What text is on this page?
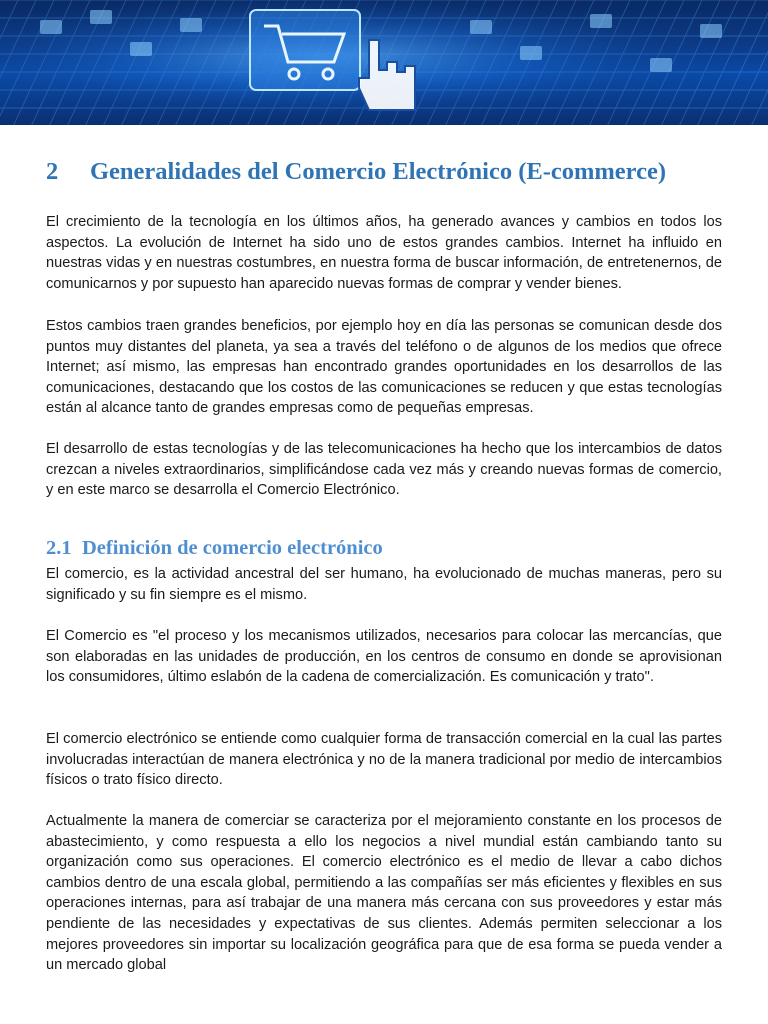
2 Generalidades del Comercio Electrónico (E-commerce)

El crecimiento de la tecnología en los últimos años, ha generado avances y cambios en todos los aspectos. La evolución de Internet ha sido uno de estos grandes cambios. Internet ha influido en nuestras vidas y en nuestras costumbres, en nuestra forma de buscar información, de entretenernos, de comunicarnos y por supuesto han aparecido nuevas formas de comprar y vender bienes.

Estos cambios traen grandes beneficios, por ejemplo hoy en día las personas se comunican desde dos puntos muy distantes del planeta, ya sea a través del teléfono o de algunos de los medios que ofrece Internet; así mismo, las empresas han encontrado grandes oportunidades en los desarrollos de las comunicaciones, destacando que los costos de las comunicaciones se reducen y que estas tecnologías están al alcance tanto de grandes empresas como de pequeñas empresas.

El desarrollo de estas tecnologías y de las telecomunicaciones ha hecho que los intercambios de datos crezcan a niveles extraordinarios, simplificándose cada vez más y creando nuevas formas de comercio, y en este marco se desarrolla el Comercio Electrónico.

2.1 Definición de comercio electrónico

El comercio, es la actividad ancestral del ser humano, ha evolucionado de muchas maneras, pero su significado y su fin siempre es el mismo.

El Comercio es "el proceso y los mecanismos utilizados, necesarios para colocar las mercancías, que son elaboradas en las unidades de producción, en los centros de consumo en donde se aprovisionan los consumidores, último eslabón de la cadena de comercialización. Es comunicación y trato".

El comercio electrónico se entiende como cualquier forma de transacción comercial en la cual las partes involucradas interactúan de manera electrónica y no de la manera tradicional por medio de intercambios físicos o trato físico directo.

Actualmente la manera de comerciar se caracteriza por el mejoramiento constante en los procesos de abastecimiento, y como respuesta a ello los negocios a nivel mundial están cambiando tanto su organización como sus operaciones. El comercio electrónico es el medio de llevar a cabo dichos cambios dentro de una escala global, permitiendo a las compañías ser más eficientes y flexibles en sus operaciones internas, para así trabajar de una manera más cercana con sus proveedores y estar más pendiente de las necesidades y expectativas de sus clientes. Además permiten seleccionar a los mejores proveedores sin importar su localización geográfica para que de esa forma se pueda vender a un mercado global
